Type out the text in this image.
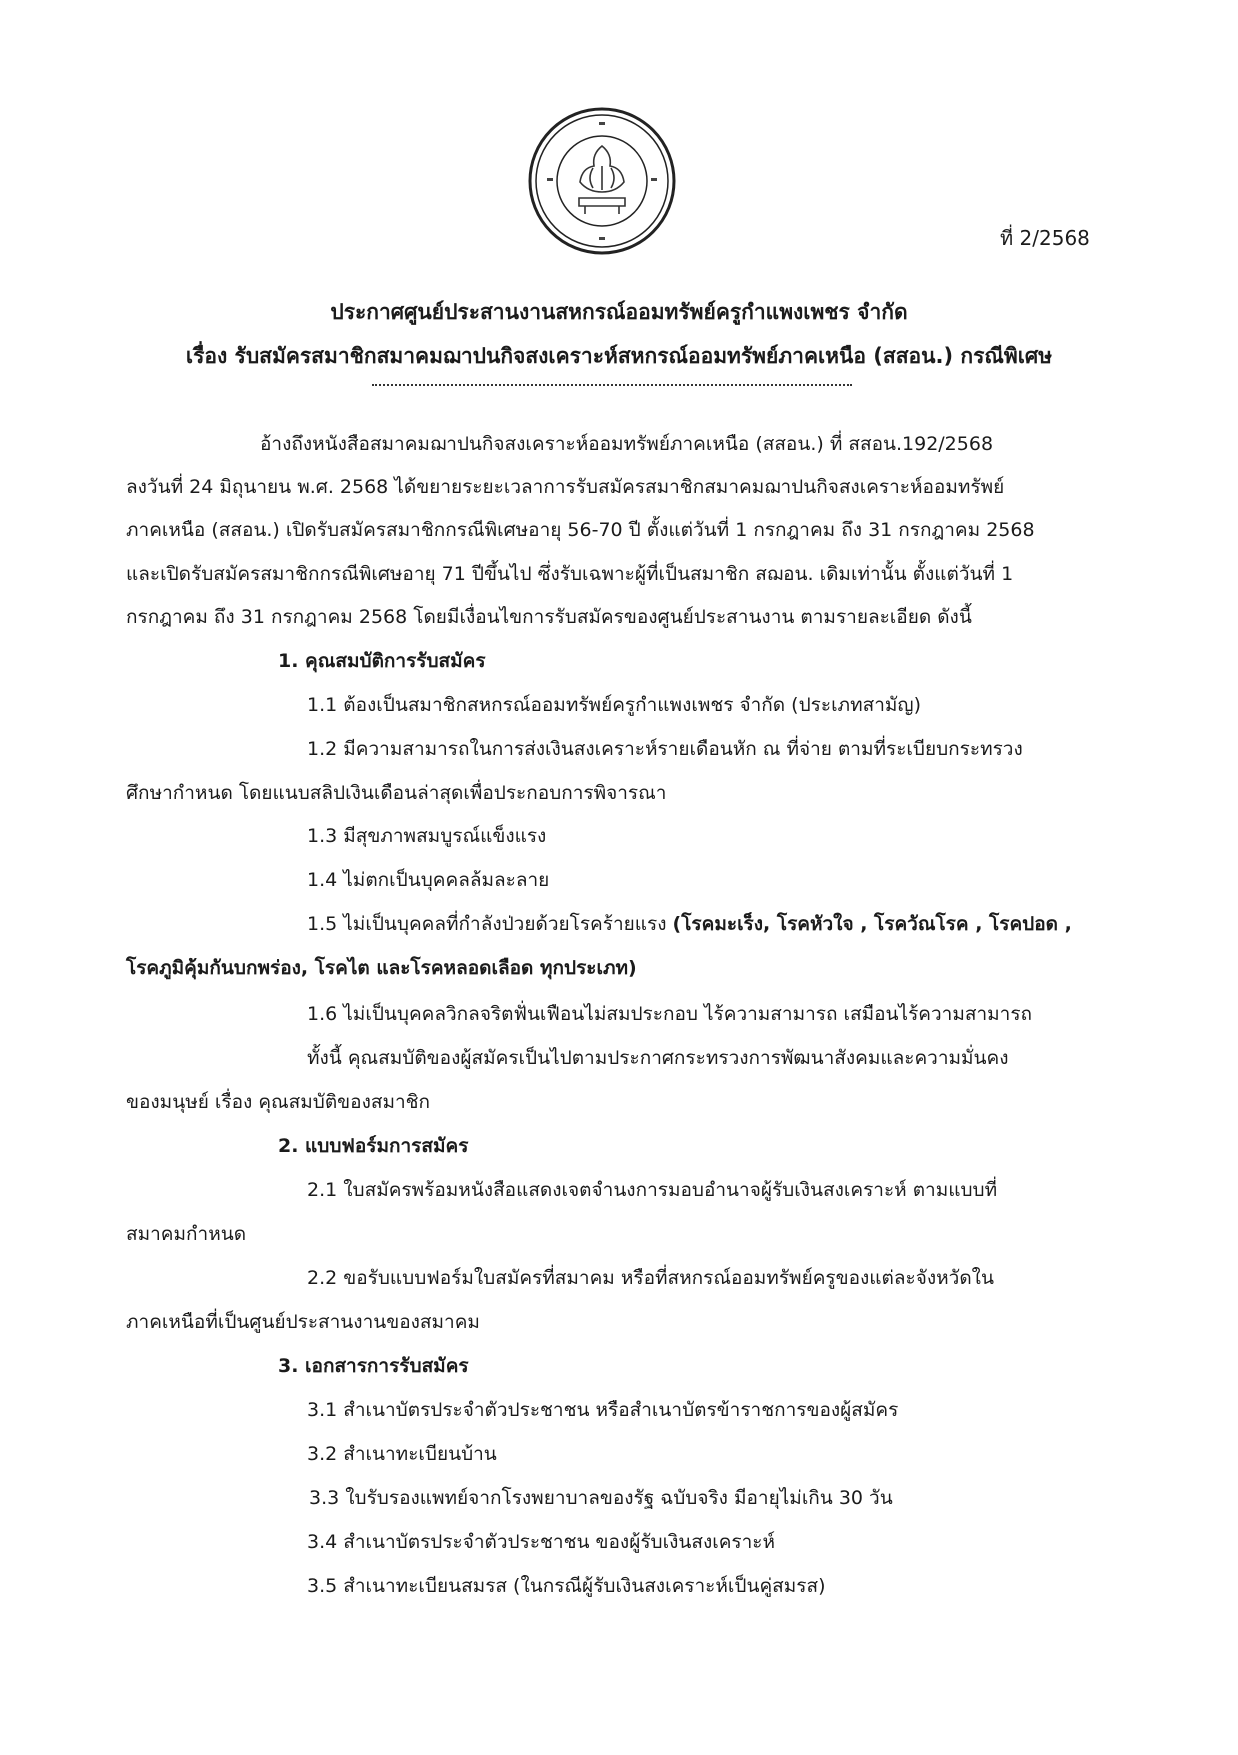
ที่ 2/2568
ประกาศศูนย์ประสานงานสหกรณ์ออมทรัพย์ครูกำแพงเพชร จำกัด
เรื่อง รับสมัครสมาชิกสมาคมฌาปนกิจสงเคราะห์สหกรณ์ออมทรัพย์ภาคเหนือ (สสอน.) กรณีพิเศษ
อ้างถึงหนังสือสมาคมฌาปนกิจสงเคราะห์ออมทรัพย์ภาคเหนือ (สสอน.) ที่ สสอน.192/2568
ลงวันที่ 24 มิถุนายน พ.ศ. 2568 ได้ขยายระยะเวลาการรับสมัครสมาชิกสมาคมฌาปนกิจสงเคราะห์ออมทรัพย์
ภาคเหนือ (สสอน.) เปิดรับสมัครสมาชิกกรณีพิเศษอายุ 56-70 ปี ตั้งแต่วันที่ 1 กรกฎาคม ถึง 31 กรกฎาคม 2568
และเปิดรับสมัครสมาชิกกรณีพิเศษอายุ 71 ปีขึ้นไป ซึ่งรับเฉพาะผู้ที่เป็นสมาชิก สฌอน. เดิมเท่านั้น ตั้งแต่วันที่ 1
กรกฎาคม ถึง 31 กรกฎาคม 2568 โดยมีเงื่อนไขการรับสมัครของศูนย์ประสานงาน ตามรายละเอียด ดังนี้
1. คุณสมบัติการรับสมัคร
1.1 ต้องเป็นสมาชิกสหกรณ์ออมทรัพย์ครูกำแพงเพชร จำกัด (ประเภทสามัญ)
1.2 มีความสามารถในการส่งเงินสงเคราะห์รายเดือนหัก ณ ที่จ่าย ตามที่ระเบียบกระทรวง
ศึกษากำหนด โดยแนบสลิปเงินเดือนล่าสุดเพื่อประกอบการพิจารณา
1.3 มีสุขภาพสมบูรณ์แข็งแรง
1.4 ไม่ตกเป็นบุคคลล้มละลาย
1.5 ไม่เป็นบุคคลที่กำลังป่วยด้วยโรคร้ายแรง (โรคมะเร็ง, โรคหัวใจ , โรควัณโรค , โรคปอด ,
โรคภูมิคุ้มกันบกพร่อง, โรคไต และโรคหลอดเลือด ทุกประเภท)
1.6 ไม่เป็นบุคคลวิกลจริตฟั่นเฟือนไม่สมประกอบ ไร้ความสามารถ เสมือนไร้ความสามารถ
ทั้งนี้ คุณสมบัติของผู้สมัครเป็นไปตามประกาศกระทรวงการพัฒนาสังคมและความมั่นคง
ของมนุษย์ เรื่อง คุณสมบัติของสมาชิก
2. แบบฟอร์มการสมัคร
2.1 ใบสมัครพร้อมหนังสือแสดงเจตจำนงการมอบอำนาจผู้รับเงินสงเคราะห์ ตามแบบที่
สมาคมกำหนด
2.2 ขอรับแบบฟอร์มใบสมัครที่สมาคม หรือที่สหกรณ์ออมทรัพย์ครูของแต่ละจังหวัดใน
ภาคเหนือที่เป็นศูนย์ประสานงานของสมาคม
3. เอกสารการรับสมัคร
3.1 สำเนาบัตรประจำตัวประชาชน หรือสำเนาบัตรข้าราชการของผู้สมัคร
3.2 สำเนาทะเบียนบ้าน
3.3 ใบรับรองแพทย์จากโรงพยาบาลของรัฐ ฉบับจริง มีอายุไม่เกิน 30 วัน
3.4 สำเนาบัตรประจำตัวประชาชน ของผู้รับเงินสงเคราะห์
3.5 สำเนาทะเบียนสมรส (ในกรณีผู้รับเงินสงเคราะห์เป็นคู่สมรส)
